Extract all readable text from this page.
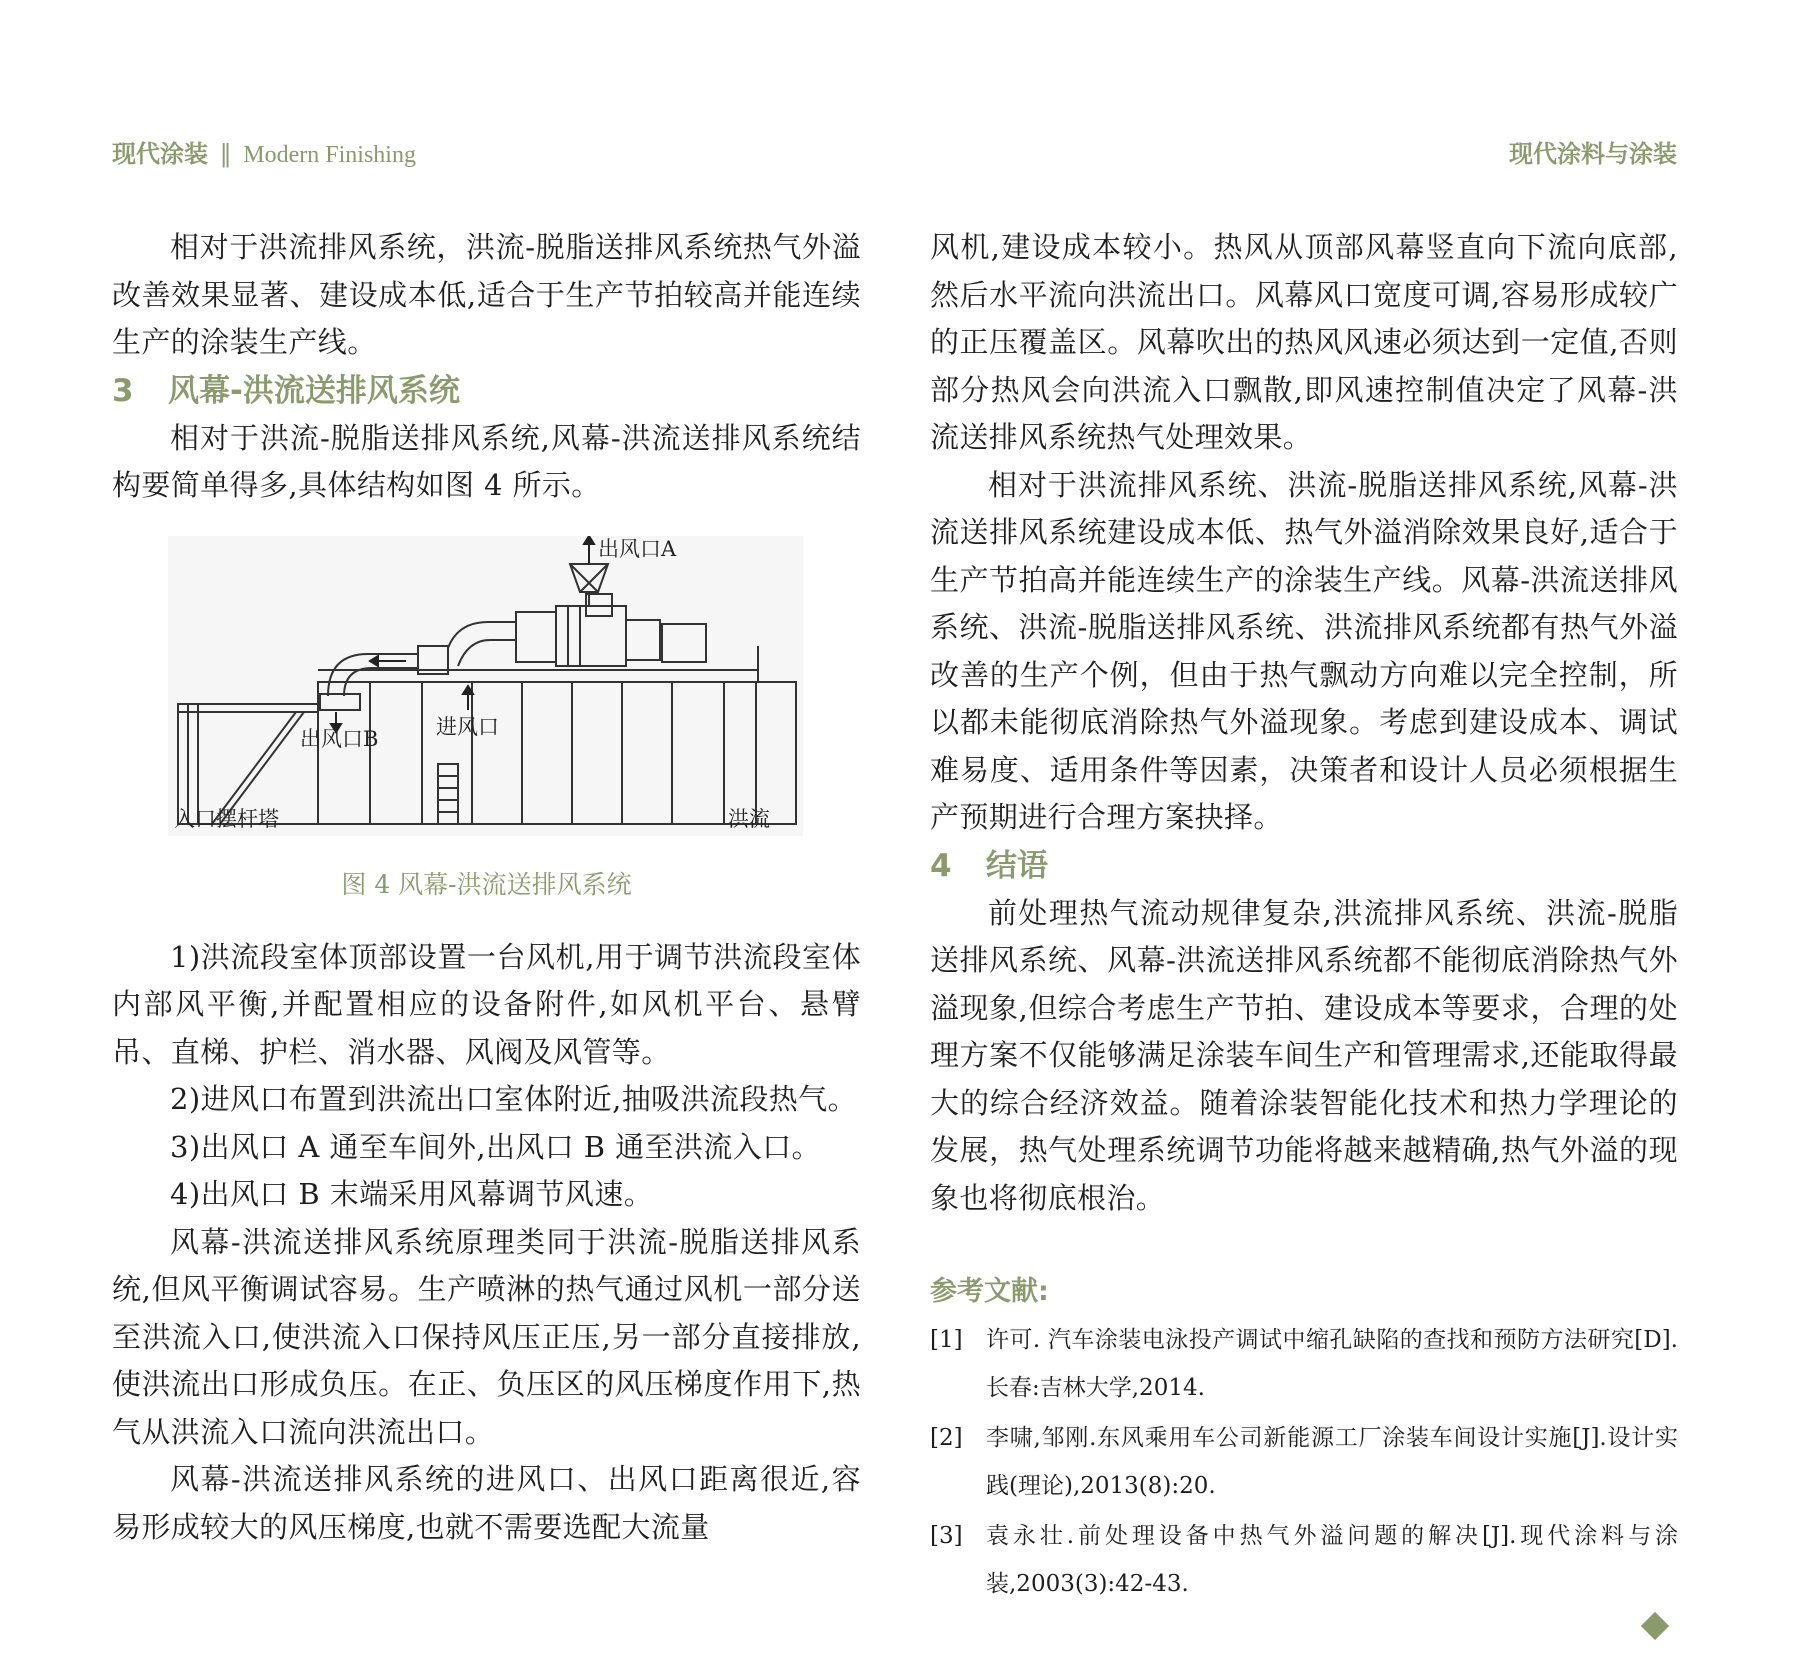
现代涂装 ‖ Modern Finishing	现代涂料与涂装

相对于洪流排风系统，洪流-脱脂送排风系统热气外溢改善效果显著、建设成本低,适合于生产节拍较高并能连续生产的涂装生产线。

3 风幕-洪流送排风系统

相对于洪流-脱脂送排风系统,风幕-洪流送排风系统结构要简单得多,具体结构如图 4 所示。

出风口A
出风口B	进风口
入口摆杆塔	洪流
图 4 风幕-洪流送排风系统

1)洪流段室体顶部设置一台风机,用于调节洪流段室体内部风平衡,并配置相应的设备附件,如风机平台、悬臂吊、直梯、护栏、消水器、风阀及风管等。

2)进风口布置到洪流出口室体附近,抽吸洪流段热气。

3)出风口 A 通至车间外,出风口 B 通至洪流入口。

4)出风口 B 末端采用风幕调节风速。

风幕-洪流送排风系统原理类同于洪流-脱脂送排风系统,但风平衡调试容易。生产喷淋的热气通过风机一部分送至洪流入口,使洪流入口保持风压正压,另一部分直接排放,使洪流出口形成负压。在正、负压区的风压梯度作用下,热气从洪流入口流向洪流出口。

风幕-洪流送排风系统的进风口、出风口距离很近,容易形成较大的风压梯度,也就不需要选配大流量

风机,建设成本较小。热风从顶部风幕竖直向下流向底部,然后水平流向洪流出口。风幕风口宽度可调,容易形成较广的正压覆盖区。风幕吹出的热风风速必须达到一定值,否则部分热风会向洪流入口飘散,即风速控制值决定了风幕-洪流送排风系统热气处理效果。

相对于洪流排风系统、洪流-脱脂送排风系统,风幕-洪流送排风系统建设成本低、热气外溢消除效果良好,适合于生产节拍高并能连续生产的涂装生产线。风幕-洪流送排风系统、洪流-脱脂送排风系统、洪流排风系统都有热气外溢改善的生产个例，但由于热气飘动方向难以完全控制，所以都未能彻底消除热气外溢现象。考虑到建设成本、调试难易度、适用条件等因素，决策者和设计人员必须根据生产预期进行合理方案抉择。

4 结语

前处理热气流动规律复杂,洪流排风系统、洪流-脱脂送排风系统、风幕-洪流送排风系统都不能彻底消除热气外溢现象,但综合考虑生产节拍、建设成本等要求，合理的处理方案不仅能够满足涂装车间生产和管理需求,还能取得最大的综合经济效益。随着涂装智能化技术和热力学理论的发展，热气处理系统调节功能将越来越精确,热气外溢的现象也将彻底根治。

参考文献:
[1]	许可. 汽车涂装电泳投产调试中缩孔缺陷的查找和预防方法研究[D].长春:吉林大学,2014.
[2]	李啸,邹刚.东风乘用车公司新能源工厂涂装车间设计实施[J].设计实践(理论),2013(8):20.
[3]	袁永壮.前处理设备中热气外溢问题的解决[J].现代涂料与涂装,2003(3):42-43.
